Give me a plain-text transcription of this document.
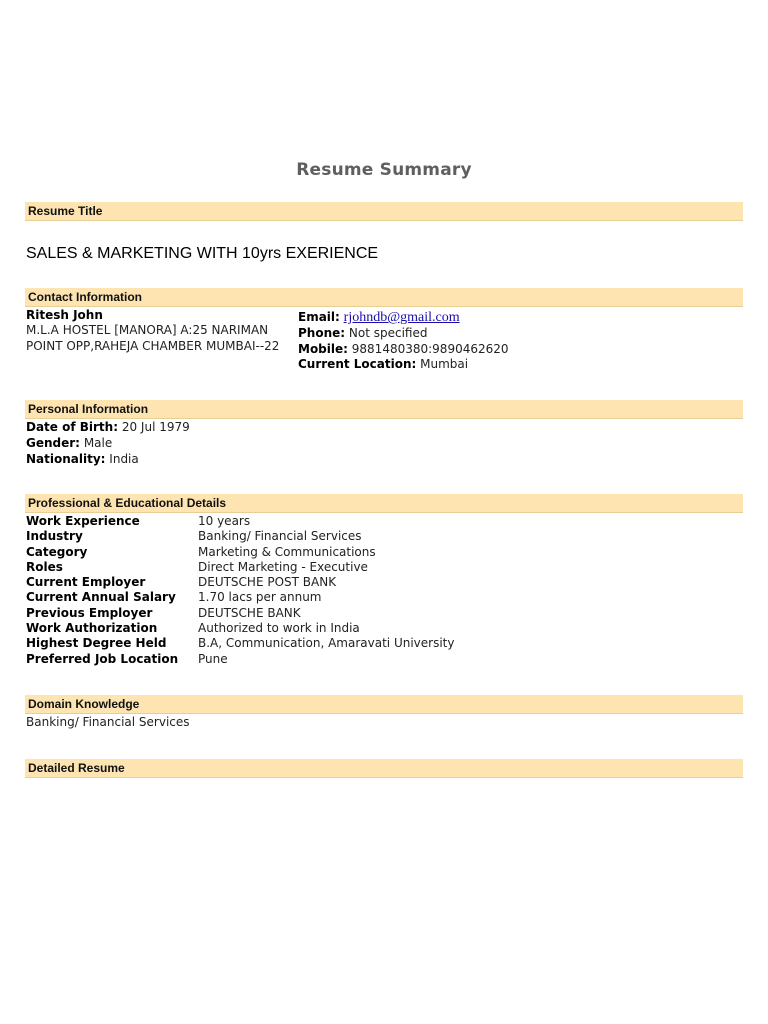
Resume Summary
Resume Title
SALES & MARKETING WITH 10yrs EXERIENCE
Contact Information
Ritesh John
M.L.A HOSTEL [MANORA] A:25 NARIMAN POINT OPP,RAHEJA CHAMBER MUMBAI--22
Email: rjohndb@gmail.com
Phone: Not specified
Mobile: 9881480380:9890462620
Current Location: Mumbai
Personal Information
Date of Birth: 20 Jul 1979
Gender: Male
Nationality: India
Professional & Educational Details
Work Experience	10 years
Industry	Banking/ Financial Services
Category	Marketing & Communications
Roles	Direct Marketing - Executive
Current Employer	DEUTSCHE POST BANK
Current Annual Salary	1.70 lacs per annum
Previous Employer	DEUTSCHE BANK
Work Authorization	Authorized to work in India
Highest Degree Held	B.A, Communication, Amaravati University
Preferred Job Location	Pune
Domain Knowledge
Banking/ Financial Services
Detailed Resume
